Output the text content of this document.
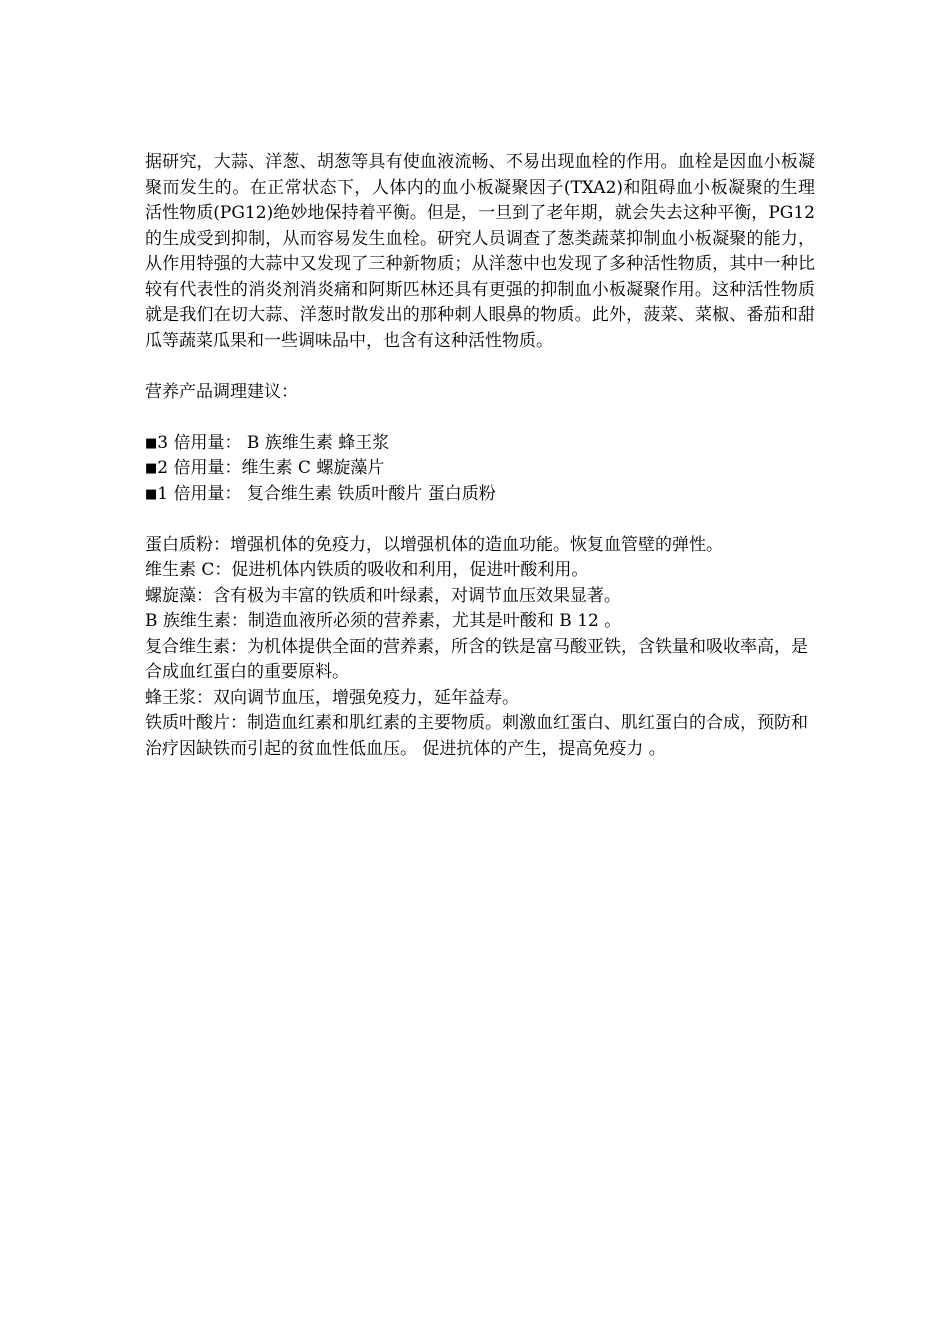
据研究，大蒜、洋葱、胡葱等具有使血液流畅、不易出现血栓的作用。血栓是因血小板凝聚而发生的。在正常状态下，人体内的血小板凝聚因子(TXA2)和阻碍血小板凝聚的生理活性物质(PG12)绝妙地保持着平衡。但是，一旦到了老年期，就会失去这种平衡，PG12 的生成受到抑制，从而容易发生血栓。研究人员调查了葱类蔬菜抑制血小板凝聚的能力，从作用特强的大蒜中又发现了三种新物质；从洋葱中也发现了多种活性物质，其中一种比较有代表性的消炎剂消炎痛和阿斯匹林还具有更强的抑制血小板凝聚作用。这种活性物质就是我们在切大蒜、洋葱时散发出的那种刺人眼鼻的物质。此外，菠菜、菜椒、番茄和甜瓜等蔬菜瓜果和一些调味品中，也含有这种活性物质。

营养产品调理建议：

■3 倍用量： B 族维生素 蜂王浆
■2 倍用量：维生素 C 螺旋藻片
■1 倍用量： 复合维生素 铁质叶酸片 蛋白质粉

蛋白质粉：增强机体的免疫力，以增强机体的造血功能。恢复血管壁的弹性。

维生素 C：促进机体内铁质的吸收和利用，促进叶酸利用。

螺旋藻：含有极为丰富的铁质和叶绿素，对调节血压效果显著。

B 族维生素：制造血液所必须的营养素，尤其是叶酸和 B 12 。

复合维生素：为机体提供全面的营养素，所含的铁是富马酸亚铁，含铁量和吸收率高，是合成血红蛋白的重要原料。

蜂王浆：双向调节血压，增强免疫力，延年益寿。

铁质叶酸片：制造血红素和肌红素的主要物质。刺激血红蛋白、肌红蛋白的合成，预防和治疗因缺铁而引起的贫血性低血压。 促进抗体的产生，提高免疫力 。
